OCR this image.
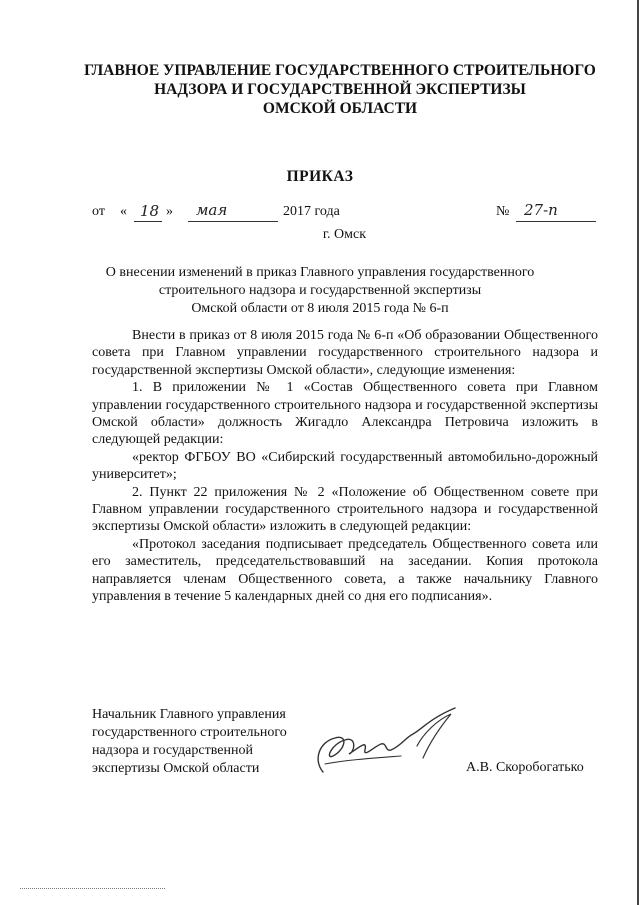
ГЛАВНОЕ УПРАВЛЕНИЕ ГОСУДАРСТВЕННОГО СТРОИТЕЛЬНОГО
НАДЗОРА И ГОСУДАРСТВЕННОЙ ЭКСПЕРТИЗЫ
ОМСКОЙ ОБЛАСТИ
ПРИКАЗ
от « 18 » мая	2017 года	№ 27-п
г. Омск
О внесении изменений в приказ Главного управления государственного
строительного надзора и государственной экспертизы
Омской области от 8 июля 2015 года № 6-п

Внести в приказ от 8 июля 2015 года № 6-п «Об образовании Общественного совета при Главном управлении государственного строительного надзора и государственной экспертизы Омской области», следующие изменения:

1. В приложении № 1 «Состав Общественного совета при Главном управлении государственного строительного надзора и государственной экспертизы Омской области» должность Жигадло Александра Петровича изложить в следующей редакции:

«ректор ФГБОУ ВО «Сибирский государственный автомобильно-дорожный университет»;

2. Пункт 22 приложения № 2 «Положение об Общественном совете при Главном управлении государственного строительного надзора и государственной экспертизы Омской области» изложить в следующей редакции:

«Протокол заседания подписывает председатель Общественного совета или его заместитель, председательствовавший на заседании. Копия протокола направляется членам Общественного совета, а также начальнику Главного управления в течение 5 календарных дней со дня его подписания».

Начальник Главного управления
государственного строительного
надзора и государственной
экспертизы Омской области	А.В. Скоробогатько
